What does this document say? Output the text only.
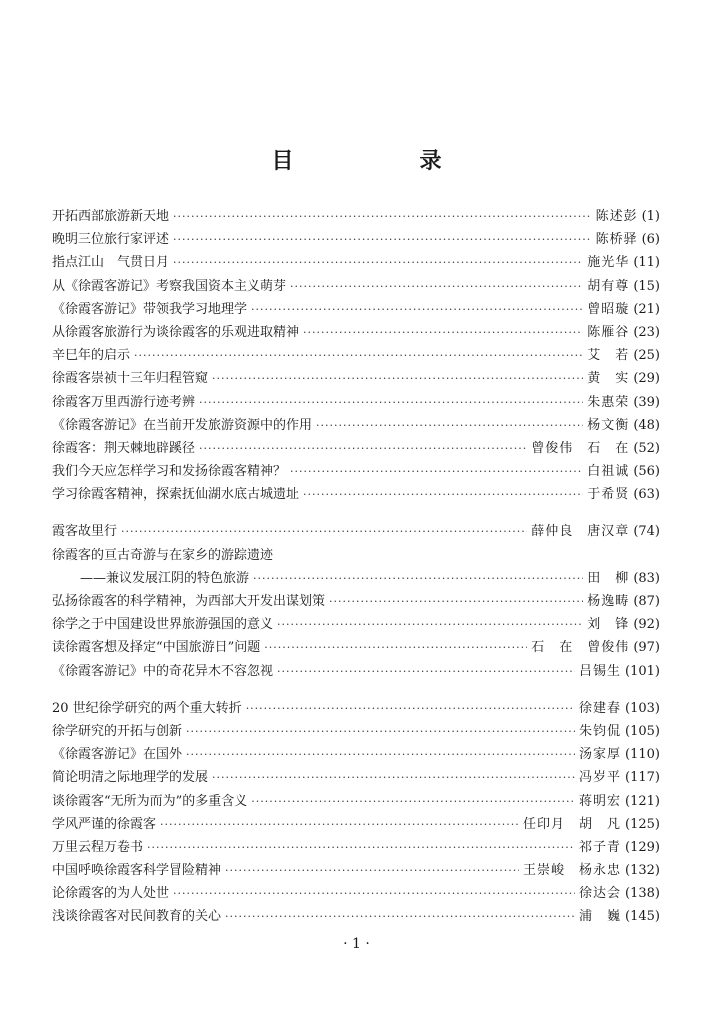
目　录
开拓西部旅游新天地 ·····	陈述彭 (1)
晚明三位旅行家评述 ·····	陈桥驿 (6)
指点江山　气贯日月 ·····	施光华 (11)
从《徐霞客游记》考察我国资本主义萌芽 ·····	胡有尊 (15)
《徐霞客游记》带领我学习地理学 ·····	曾昭璇 (21)
从徐霞客旅游行为谈徐霞客的乐观进取精神 ·····	陈雁谷 (23)
辛巳年的启示 ·····	艾　若 (25)
徐霞客崇祯十三年归程管窥 ·····	黄　实 (29)
徐霞客万里西游行迹考辨 ·····	朱惠荣 (39)
《徐霞客游记》在当前开发旅游资源中的作用 ·····	杨文衡 (48)
徐霞客：荆天棘地辟蹊径 ·····	曾俊伟　石　在 (52)
我们今天应怎样学习和发扬徐霞客精神？ ·····	白祖诚 (56)
学习徐霞客精神，探索抚仙湖水底古城遗址 ·····	于希贤 (63)
霞客故里行 ·····	薛仲良　唐汉章 (74)
徐霞客的亘古奇游与在家乡的游踪遗迹
——兼议发展江阴的特色旅游 ·····	田　柳 (83)
弘扬徐霞客的科学精神，为西部大开发出谋划策 ·····	杨逸畴 (87)
徐学之于中国建设世界旅游强国的意义 ·····	刘　锋 (92)
读徐霞客想及择定“中国旅游日”问题 ·····	石　在　曾俊伟 (97)
《徐霞客游记》中的奇花异木不容忽视 ·····	吕锡生 (101)
20 世纪徐学研究的两个重大转折 ·····	徐建春 (103)
徐学研究的开拓与创新 ·····	朱钧侃 (105)
《徐霞客游记》在国外 ·····	汤家厚 (110)
简论明清之际地理学的发展 ·····	冯岁平 (117)
谈徐霞客“无所为而为”的多重含义 ·····	蒋明宏 (121)
学风严谨的徐霞客 ·····	任印月　胡　凡 (125)
万里云程万卷书 ·····	祁子青 (129)
中国呼唤徐霞客科学冒险精神 ·····	王崇峻　杨永忠 (132)
论徐霞客的为人处世 ·····	徐达会 (138)
浅谈徐霞客对民间教育的关心 ·····	浦　巍 (145)
· 1 ·
